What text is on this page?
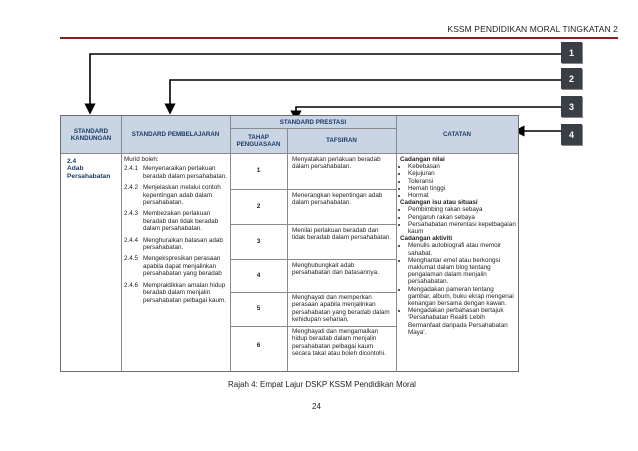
KSSM PENDIDIKAN MORAL TINGKATAN 2
1
2
3
4
STANDARD KANDUNGAN	STANDARD PEMBELAJARAN
STANDARD PRESTASI
TAHAP PENGUASAAN	TAFSIRAN
CATATAN
2.4
Adab Persahabatan
Murid boleh:
2.4.1 Menyenaraikan perlakuan beradab dalam persahabatan.
2.4.2 Menjelaskan melalui contoh kepentingan adab dalam persahabatan.
2.4.3 Membezakan perlakuan beradab dan tidak beradab dalam persahabatan.
2.4.4 Menghuraikan batasan adab persahabatan.
2.4.5 Mengekspresikan perasaan apabila dapat menjalinkan persahabatan yang beradab
2.4.6 Mempraktikkan amalan hidup beradab dalam menjalin persahabatan pelbagai kaum.
1
2
3
4
5
6
Menyatakan perlakuan beradab dalam persahabatan.
Menerangkan kepentingan adab dalam persahabatan.
Menilai perlakuan beradab dan tidak beradab dalam persahabatan.
Menghubungkait adab persahabatan dan batasannya.
Menghayati dan memperkan perasaan apabila menjalinkan persahabatan yang beradab dalam kehidupan seharian.
Menghayati dan mengamalkan hidup beradab dalam menjalin persahabatan pelbagai kaum secara takal atau boleh dicontohi.
Cadangan nilai
• Kebebasan
• Kejujuran
• Toleransi
• Hemah tinggi
• Hormat
Cadangan isu atau situasi
• Pembimbing rakan sebaya
• Pengaruh rakan sebaya
• Persahabatan merentasi kepelbagaian kaum
Cadangan aktiviti
• Menulis autobiografi atau memoir sahabat.
• Menghantar emel atau berkongsi maklumat dalam blog tentang pengalaman dalam menjalin persahabatan.
• Mengadakan pameran tentang gambar, album, buku ekrap mengenai kenangan bersama dengan kawan.
• Mengadakan perbahasan bertajuk 'Persahabatan Realiti Lebih Bermanfaat daripada Persahabatan Maya'.
Rajah 4: Empat Lajur DSKP KSSM Pendidikan Moral
24
